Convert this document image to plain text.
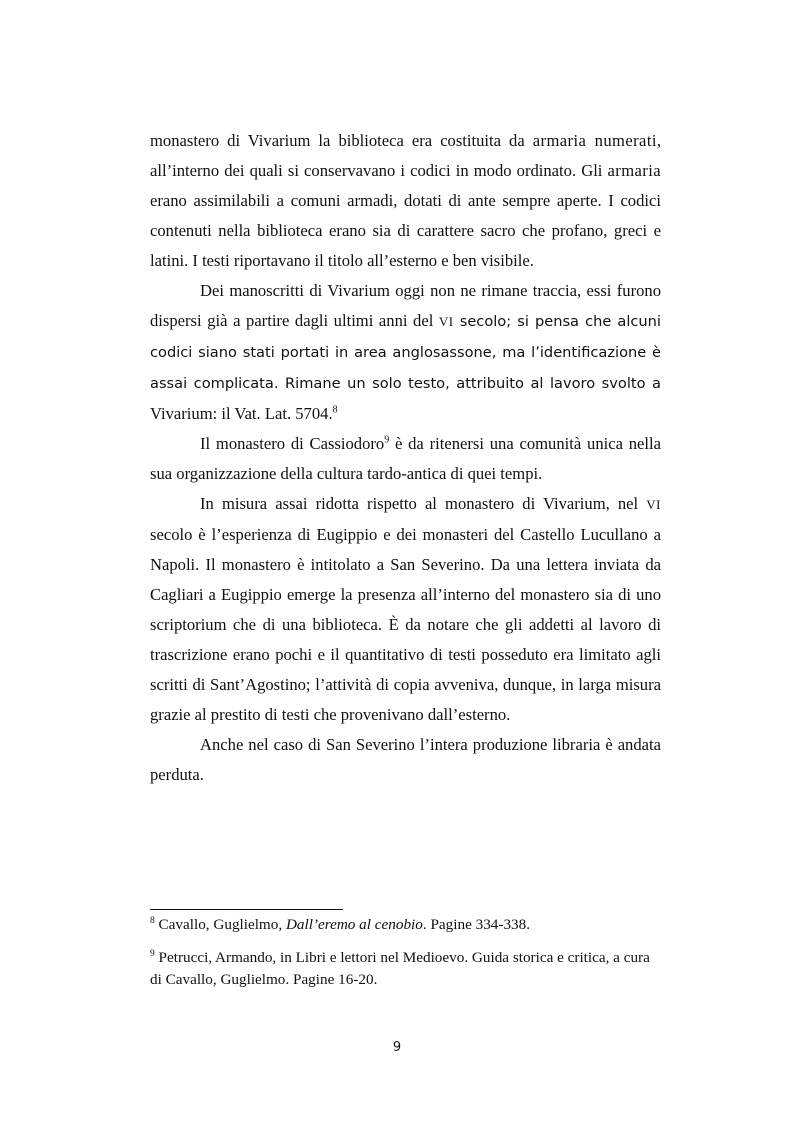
monastero di Vivarium la biblioteca era costituita da armaria numerati, all’interno dei quali si conservavano i codici in modo ordinato. Gli armaria erano assimilabili a comuni armadi, dotati di ante sempre aperte. I codici contenuti nella biblioteca erano sia di carattere sacro che profano, greci e latini. I testi riportavano il titolo all’esterno e ben visibile.

Dei manoscritti di Vivarium oggi non ne rimane traccia, essi furono dispersi già a partire dagli ultimi anni del VI secolo; si pensa che alcuni codici siano stati portati in area anglosassone, ma l’identificazione è assai complicata. Rimane un solo testo, attribuito al lavoro svolto a Vivarium: il Vat. Lat. 5704.$^8$

Il monastero di Cassiodoro$^9$ è da ritenersi una comunità unica nella sua organizzazione della cultura tardo-antica di quei tempi.

In misura assai ridotta rispetto al monastero di Vivarium, nel VI secolo è l’esperienza di Eugippio e dei monasteri del Castello Lucullano a Napoli. Il monastero è intitolato a San Severino. Da una lettera inviata da Cagliari a Eugippio emerge la presenza all’interno del monastero sia di uno scriptorium che di una biblioteca. È da notare che gli addetti al lavoro di trascrizione erano pochi e il quantitativo di testi posseduto era limitato agli scritti di Sant’Agostino; l’attività di copia avveniva, dunque, in larga misura grazie al prestito di testi che provenivano dall’esterno.

Anche nel caso di San Severino l’intera produzione libraria è andata perduta.

$^8$ Cavallo, Guglielmo, Dall’eremo al cenobio. Pagine 334-338.

$^9$ Petrucci, Armando, in Libri e lettori nel Medioevo. Guida storica e critica, a cura di Cavallo, Guglielmo. Pagine 16-20.

9
